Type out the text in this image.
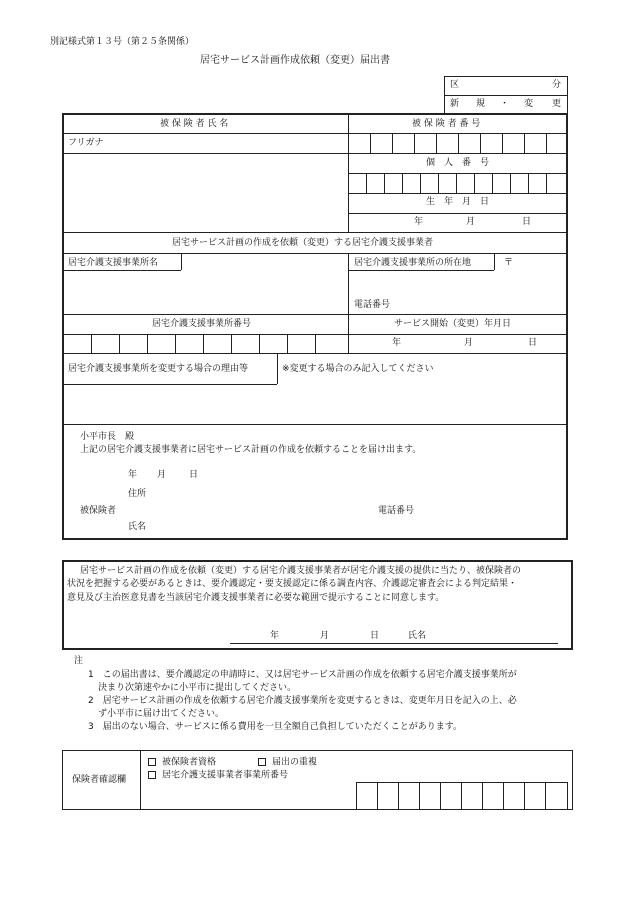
別記様式第１３号（第２５条関係）
居宅サービス計画作成依頼（変更）届出書
区	分
新 規 ・ 変 更
被 保 険 者 氏 名	被 保 険 者 番 号
フリガナ
個　人　番　号
生　年　月　日
年	月	日
居宅サービス計画の作成を依頼（変更）する居宅介護支援事業者
居宅介護支援事業所名	居宅介護支援事業所の所在地	〒
電話番号
居宅介護支援事業所番号	サービス開始（変更）年月日
年	月	日
居宅介護支援事業所を変更する場合の理由等	※変更する場合のみ記入してください
小平市長　殿
上記の居宅介護支援事業者に居宅サービス計画の作成を依頼することを届け出ます。
年 月	日
住所
被保険者	電話番号
氏名
居宅サービス計画の作成を依頼（変更）する居宅介護支援事業者が居宅介護支援の提供に当たり、被保険者の
状況を把握する必要があるときは、要介護認定・要支援認定に係る調査内容、介護認定審査会による判定結果・
意見及び主治医意見書を当該居宅介護支援事業者に必要な範囲で提示することに同意します。
年	月	日	氏名
注
1　この届出書は、要介護認定の申請時に、又は居宅サービス計画の作成を依頼する居宅介護支援事業所が
決まり次第速やかに小平市に提出してください。
2　居宅サービス計画の作成を依頼する居宅介護支援事業所を変更するときは、変更年月日を記入の上、必
ず小平市に届け出てください。
3　届出のない場合、サービスに係る費用を一旦全額自己負担していただくことがあります。
保険者確認欄
被保険者資格	届出の重複
居宅介護支援事業者事業所番号
